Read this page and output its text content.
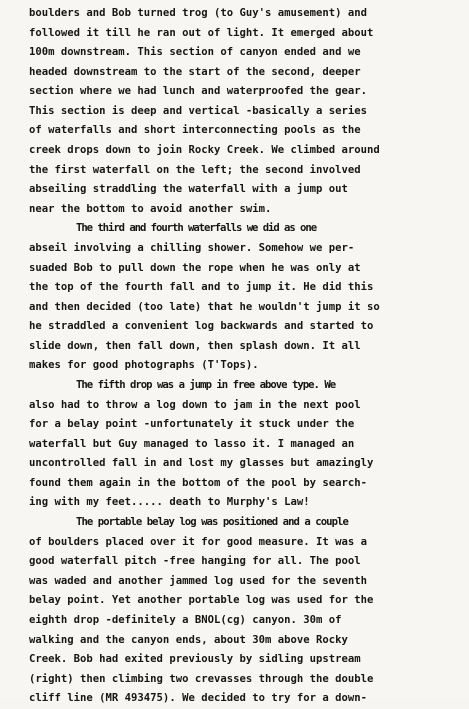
boulders and Bob turned trog (to Guy's amusement) and
followed it till he ran out of light. It emerged about
100m downstream. This section of canyon ended and we
headed downstream to the start of the second, deeper
section where we had lunch and waterproofed the gear.
This section is deep and vertical -basically a series
of waterfalls and short interconnecting pools as the
creek drops down to join Rocky Creek. We climbed around
the first waterfall on the left; the second involved
abseiling straddling the waterfall with a jump out
near the bottom to avoid another swim.
The third and fourth waterfalls we did as one
abseil involving a chilling shower. Somehow we per-
suaded Bob to pull down the rope when he was only at
the top of the fourth fall and to jump it. He did this
and then decided (too late) that he wouldn't jump it so
he straddled a convenient log backwards and started to
slide down, then fall down, then splash down. It all
makes for good photographs (T'Tops).
The fifth drop was a jump in free above type. We
also had to throw a log down to jam in the next pool
for a belay point -unfortunately it stuck under the
waterfall but Guy managed to lasso it. I managed an
uncontrolled fall in and lost my glasses but amazingly
found them again in the bottom of the pool by search-
ing with my feet..... death to Murphy's Law!
The portable belay log was positioned and a couple
of boulders placed over it for good measure. It was a
good waterfall pitch -free hanging for all. The pool
was waded and another jammed log used for the seventh
belay point. Yet another portable log was used for the
eighth drop -definitely a BNOL(cg) canyon. 30m of
walking and the canyon ends, about 30m above Rocky
Creek. Bob had exited previously by sidling upstream
(right) then climbing two crevasses through the double
cliff line (MR 493475). We decided to try for a down-
